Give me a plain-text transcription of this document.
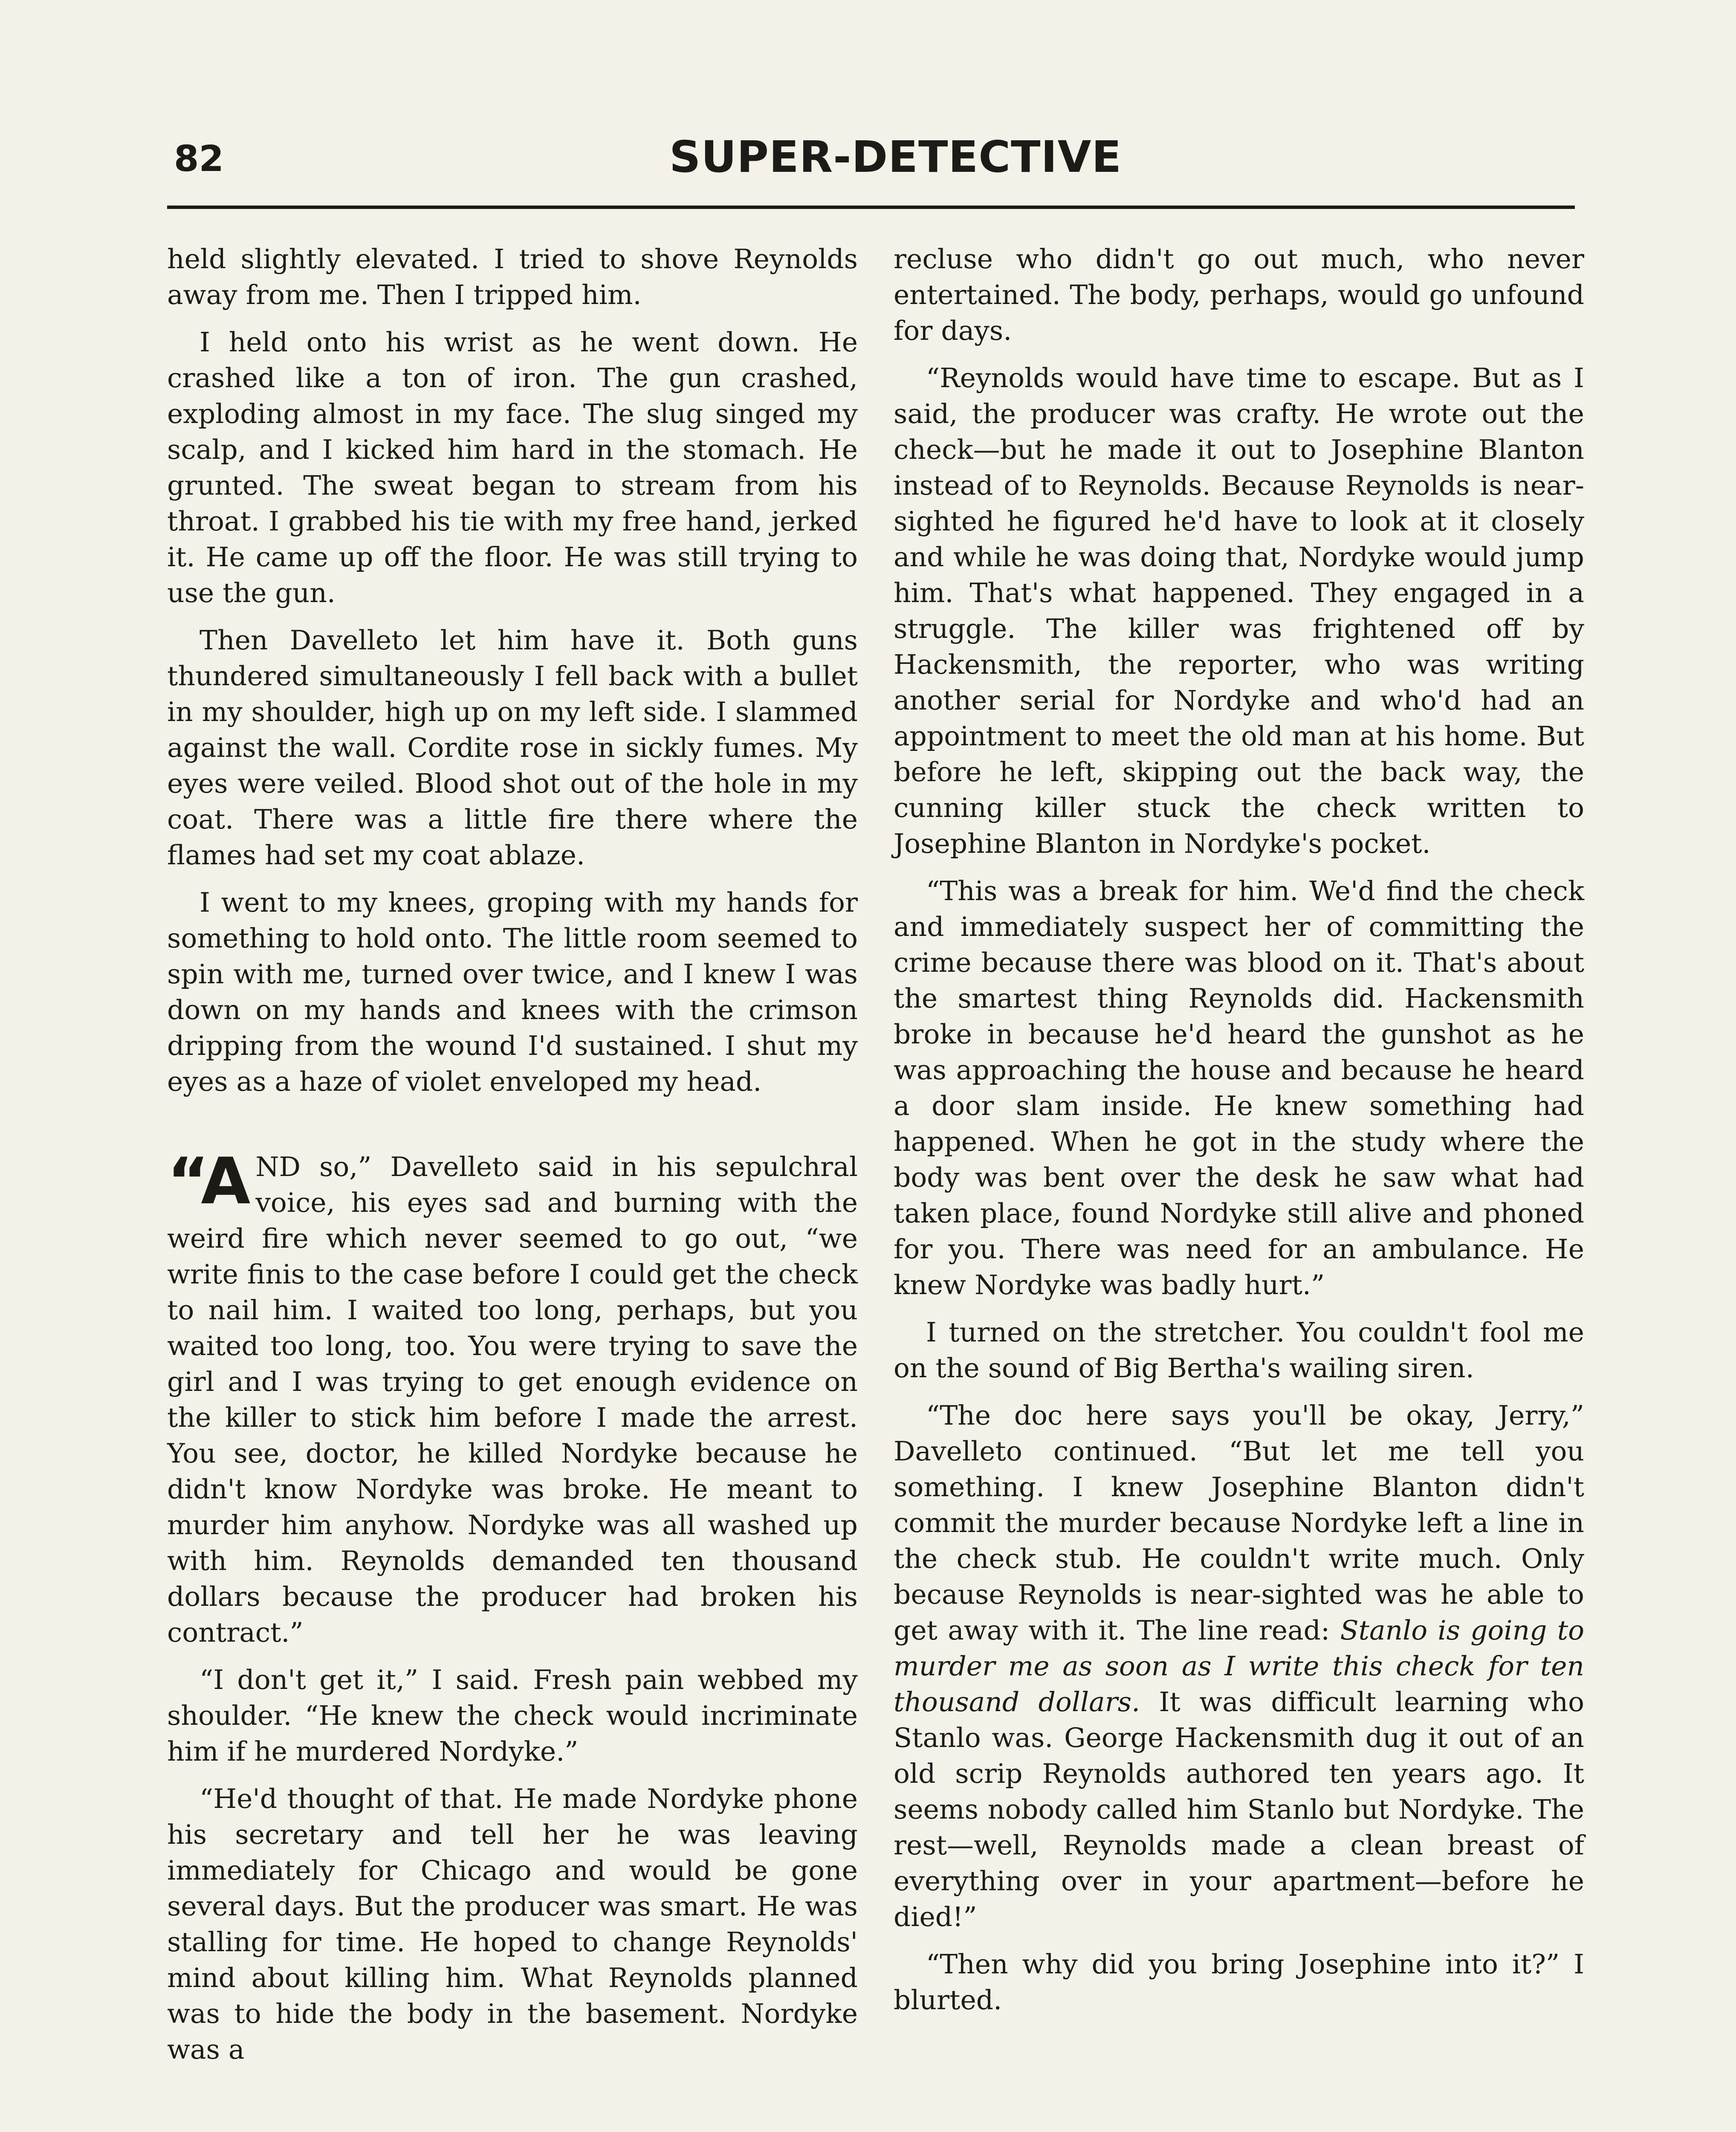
82	SUPER-DETECTIVE

held slightly elevated. I tried to shove Reynolds away from me. Then I tripped him.

I held onto his wrist as he went down. He crashed like a ton of iron. The gun crashed, exploding almost in my face. The slug singed my scalp, and I kicked him hard in the stomach. He grunted. The sweat began to stream from his throat. I grabbed his tie with my free hand, jerked it. He came up off the floor. He was still trying to use the gun.

Then Davelleto let him have it. Both guns thundered simultaneously I fell back with a bullet in my shoulder, high up on my left side. I slammed against the wall. Cordite rose in sickly fumes. My eyes were veiled. Blood shot out of the hole in my coat. There was a little fire there where the flames had set my coat ablaze.

I went to my knees, groping with my hands for something to hold onto. The little room seemed to spin with me, turned over twice, and I knew I was down on my hands and knees with the crimson dripping from the wound I'd sustained. I shut my eyes as a haze of violet enveloped my head.

“AND so,” Davelleto said in his sepulchral voice, his eyes sad and burning with the weird fire which never seemed to go out, “we write finis to the case before I could get the check to nail him. I waited too long, perhaps, but you waited too long, too. You were trying to save the girl and I was trying to get enough evidence on the killer to stick him before I made the arrest. You see, doctor, he killed Nordyke because he didn't know Nordyke was broke. He meant to murder him anyhow. Nordyke was all washed up with him. Reynolds demanded ten thousand dollars because the producer had broken his contract.”

“I don't get it,” I said. Fresh pain webbed my shoulder. “He knew the check would incriminate him if he murdered Nordyke.”

“He'd thought of that. He made Nordyke phone his secretary and tell her he was leaving immediately for Chicago and would be gone several days. But the producer was smart. He was stalling for time. He hoped to change Reynolds' mind about killing him. What Reynolds planned was to hide the body in the basement. Nordyke was a

recluse who didn't go out much, who never entertained. The body, perhaps, would go unfound for days.

“Reynolds would have time to escape. But as I said, the producer was crafty. He wrote out the check—but he made it out to Josephine Blanton instead of to Reynolds. Because Reynolds is near-sighted he figured he'd have to look at it closely and while he was doing that, Nordyke would jump him. That's what happened. They engaged in a struggle. The killer was frightened off by Hackensmith, the reporter, who was writing another serial for Nordyke and who'd had an appointment to meet the old man at his home. But before he left, skipping out the back way, the cunning killer stuck the check written to Josephine Blanton in Nordyke's pocket.

“This was a break for him. We'd find the check and immediately suspect her of committing the crime because there was blood on it. That's about the smartest thing Reynolds did. Hackensmith broke in because he'd heard the gunshot as he was approaching the house and because he heard a door slam inside. He knew something had happened. When he got in the study where the body was bent over the desk he saw what had taken place, found Nordyke still alive and phoned for you. There was need for an ambulance. He knew Nordyke was badly hurt.”

I turned on the stretcher. You couldn't fool me on the sound of Big Bertha's wailing siren.

“The doc here says you'll be okay, Jerry,” Davelleto continued. “But let me tell you something. I knew Josephine Blanton didn't commit the murder because Nordyke left a line in the check stub. He couldn't write much. Only because Reynolds is near-sighted was he able to get away with it. The line read: Stanlo is going to murder me as soon as I write this check for ten thousand dollars. It was difficult learning who Stanlo was. George Hackensmith dug it out of an old scrip Reynolds authored ten years ago. It seems nobody called him Stanlo but Nordyke. The rest—well, Reynolds made a clean breast of everything over in your apartment—before he died!”

“Then why did you bring Josephine into it?” I blurted.
